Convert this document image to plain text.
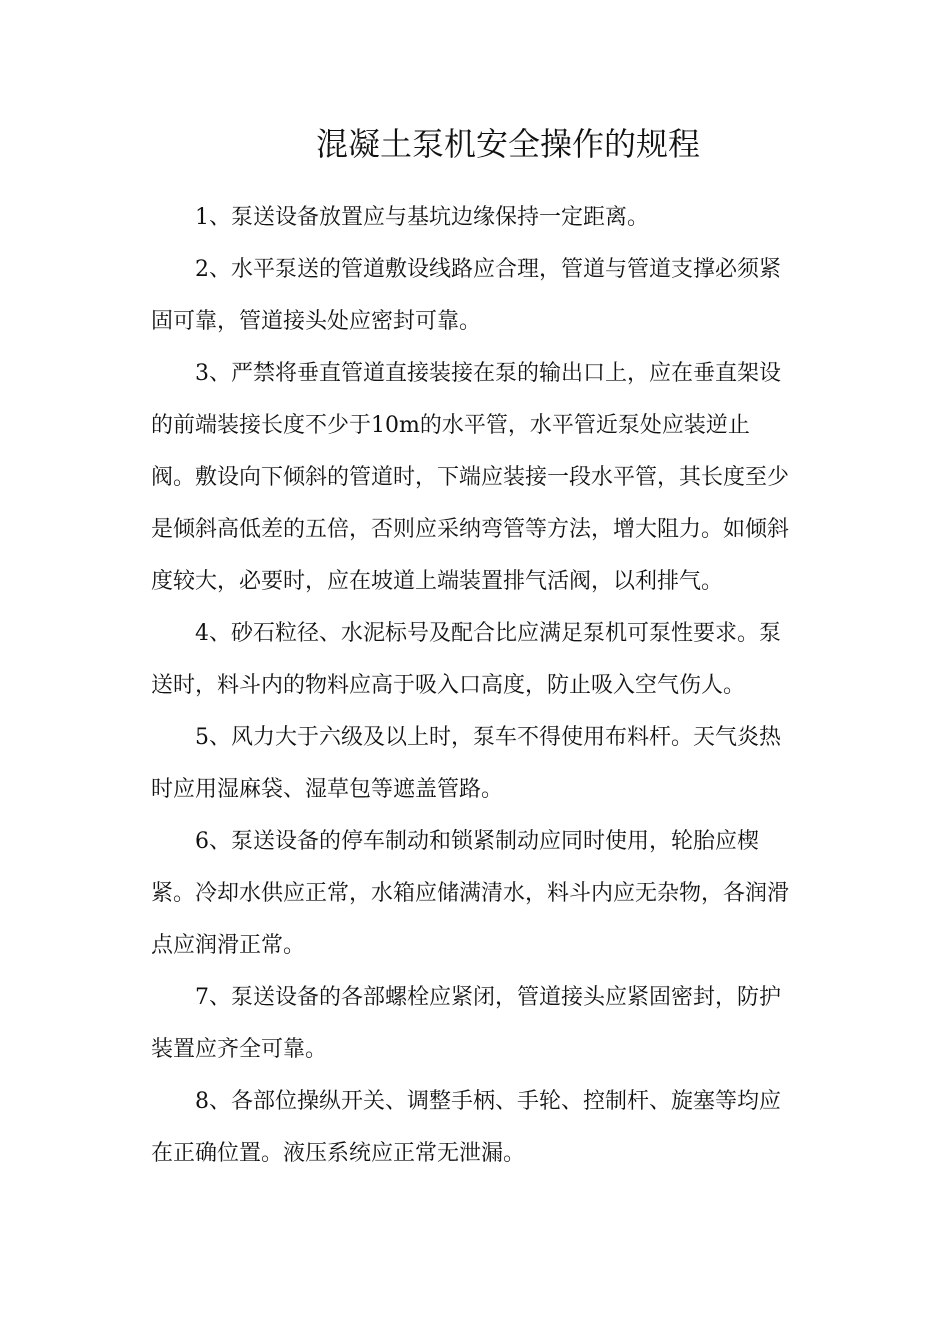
混凝土泵机安全操作的规程
1、泵送设备放置应与基坑边缘保持一定距离。
2、水平泵送的管道敷设线路应合理，管道与管道支撑必须紧
固可靠，管道接头处应密封可靠。
3、严禁将垂直管道直接装接在泵的输出口上，应在垂直架设
的前端装接长度不少于10m的水平管，水平管近泵处应装逆止
阀。敷设向下倾斜的管道时，下端应装接一段水平管，其长度至少
是倾斜高低差的五倍，否则应采纳弯管等方法，增大阻力。如倾斜
度较大，必要时，应在坡道上端装置排气活阀，以利排气。
4、砂石粒径、水泥标号及配合比应满足泵机可泵性要求。泵
送时，料斗内的物料应高于吸入口高度，防止吸入空气伤人。
5、风力大于六级及以上时，泵车不得使用布料杆。天气炎热
时应用湿麻袋、湿草包等遮盖管路。
6、泵送设备的停车制动和锁紧制动应同时使用，轮胎应楔
紧。冷却水供应正常，水箱应储满清水，料斗内应无杂物，各润滑
点应润滑正常。
7、泵送设备的各部螺栓应紧闭，管道接头应紧固密封，防护
装置应齐全可靠。
8、各部位操纵开关、调整手柄、手轮、控制杆、旋塞等均应
在正确位置。液压系统应正常无泄漏。
